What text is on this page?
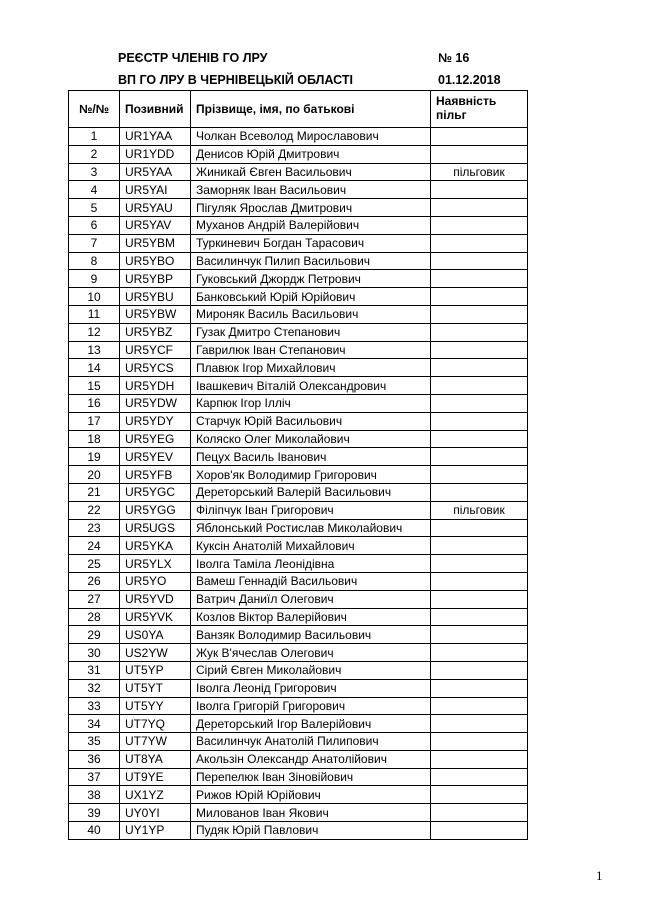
РЕЄСТР ЧЛЕНІВ ГО ЛРУ	№ 16
ВП ГО ЛРУ В ЧЕРНІВЕЦЬКІЙ ОБЛАСТІ	01.12.2018
№/№	Позивний	Прізвище, імя, по батькові	Наявність пільг
1	UR1YAA	Чолкан Всеволод Мирославович	
2	UR1YDD	Денисов Юрій Дмитрович	
3	UR5YAA	Жиникай Євген Васильович	пільговик
4	UR5YAI	Заморняк Іван Васильович	
5	UR5YAU	Пігуляк Ярослав Дмитрович	
6	UR5YAV	Муханов Андрій Валерійович	
7	UR5YBM	Туркиневич Богдан Тарасович	
8	UR5YBO	Василинчук Пилип Васильович	
9	UR5YBP	Гуковський Джордж Петрович	
10	UR5YBU	Банковський Юрій Юрійович	
11	UR5YBW	Мироняк Василь Васильович	
12	UR5YBZ	Гузак Дмитро Степанович	
13	UR5YCF	Гаврилюк Іван Степанович	
14	UR5YCS	Плавюк Ігор Михайлович	
15	UR5YDH	Івашкевич Віталій Олександрович	
16	UR5YDW	Карпюк Ігор Ілліч	
17	UR5YDY	Старчук Юрій Васильович	
18	UR5YEG	Коляско Олег Миколайович	
19	UR5YEV	Пецух Василь Іванович	
20	UR5YFB	Хоров'як Володимир Григорович	
21	UR5YGC	Дереторський Валерій Васильович	
22	UR5YGG	Філіпчук Іван Григорович	пільговик
23	UR5UGS	Яблонський Ростислав Миколайович	
24	UR5YKA	Куксін Анатолій Михайлович	
25	UR5YLX	Іволга Таміла Леонідівна	
26	UR5YO	Вамеш Геннадій Васильович	
27	UR5YVD	Ватрич Даниїл Олегович	
28	UR5YVK	Козлов Віктор Валерійович	
29	US0YA	Ванзяк Володимир Васильович	
30	US2YW	Жук В'ячеслав Олегович	
31	UT5YP	Сірий Євген Миколайович	
32	UT5YT	Іволга Леонід Григорович	
33	UT5YY	Іволга Григорій Григорович	
34	UT7YQ	Дереторський Ігор Валерійович	
35	UT7YW	Василинчук Анатолій Пилипович	
36	UT8YA	Акользін Олександр Анатолійович	
37	UT9YE	Перепелюк Іван Зіновійович	
38	UX1YZ	Рижов Юрій Юрійович	
39	UY0YI	Милованов Іван Якович	
40	UY1YP	Пудяк Юрій Павлович	
1
